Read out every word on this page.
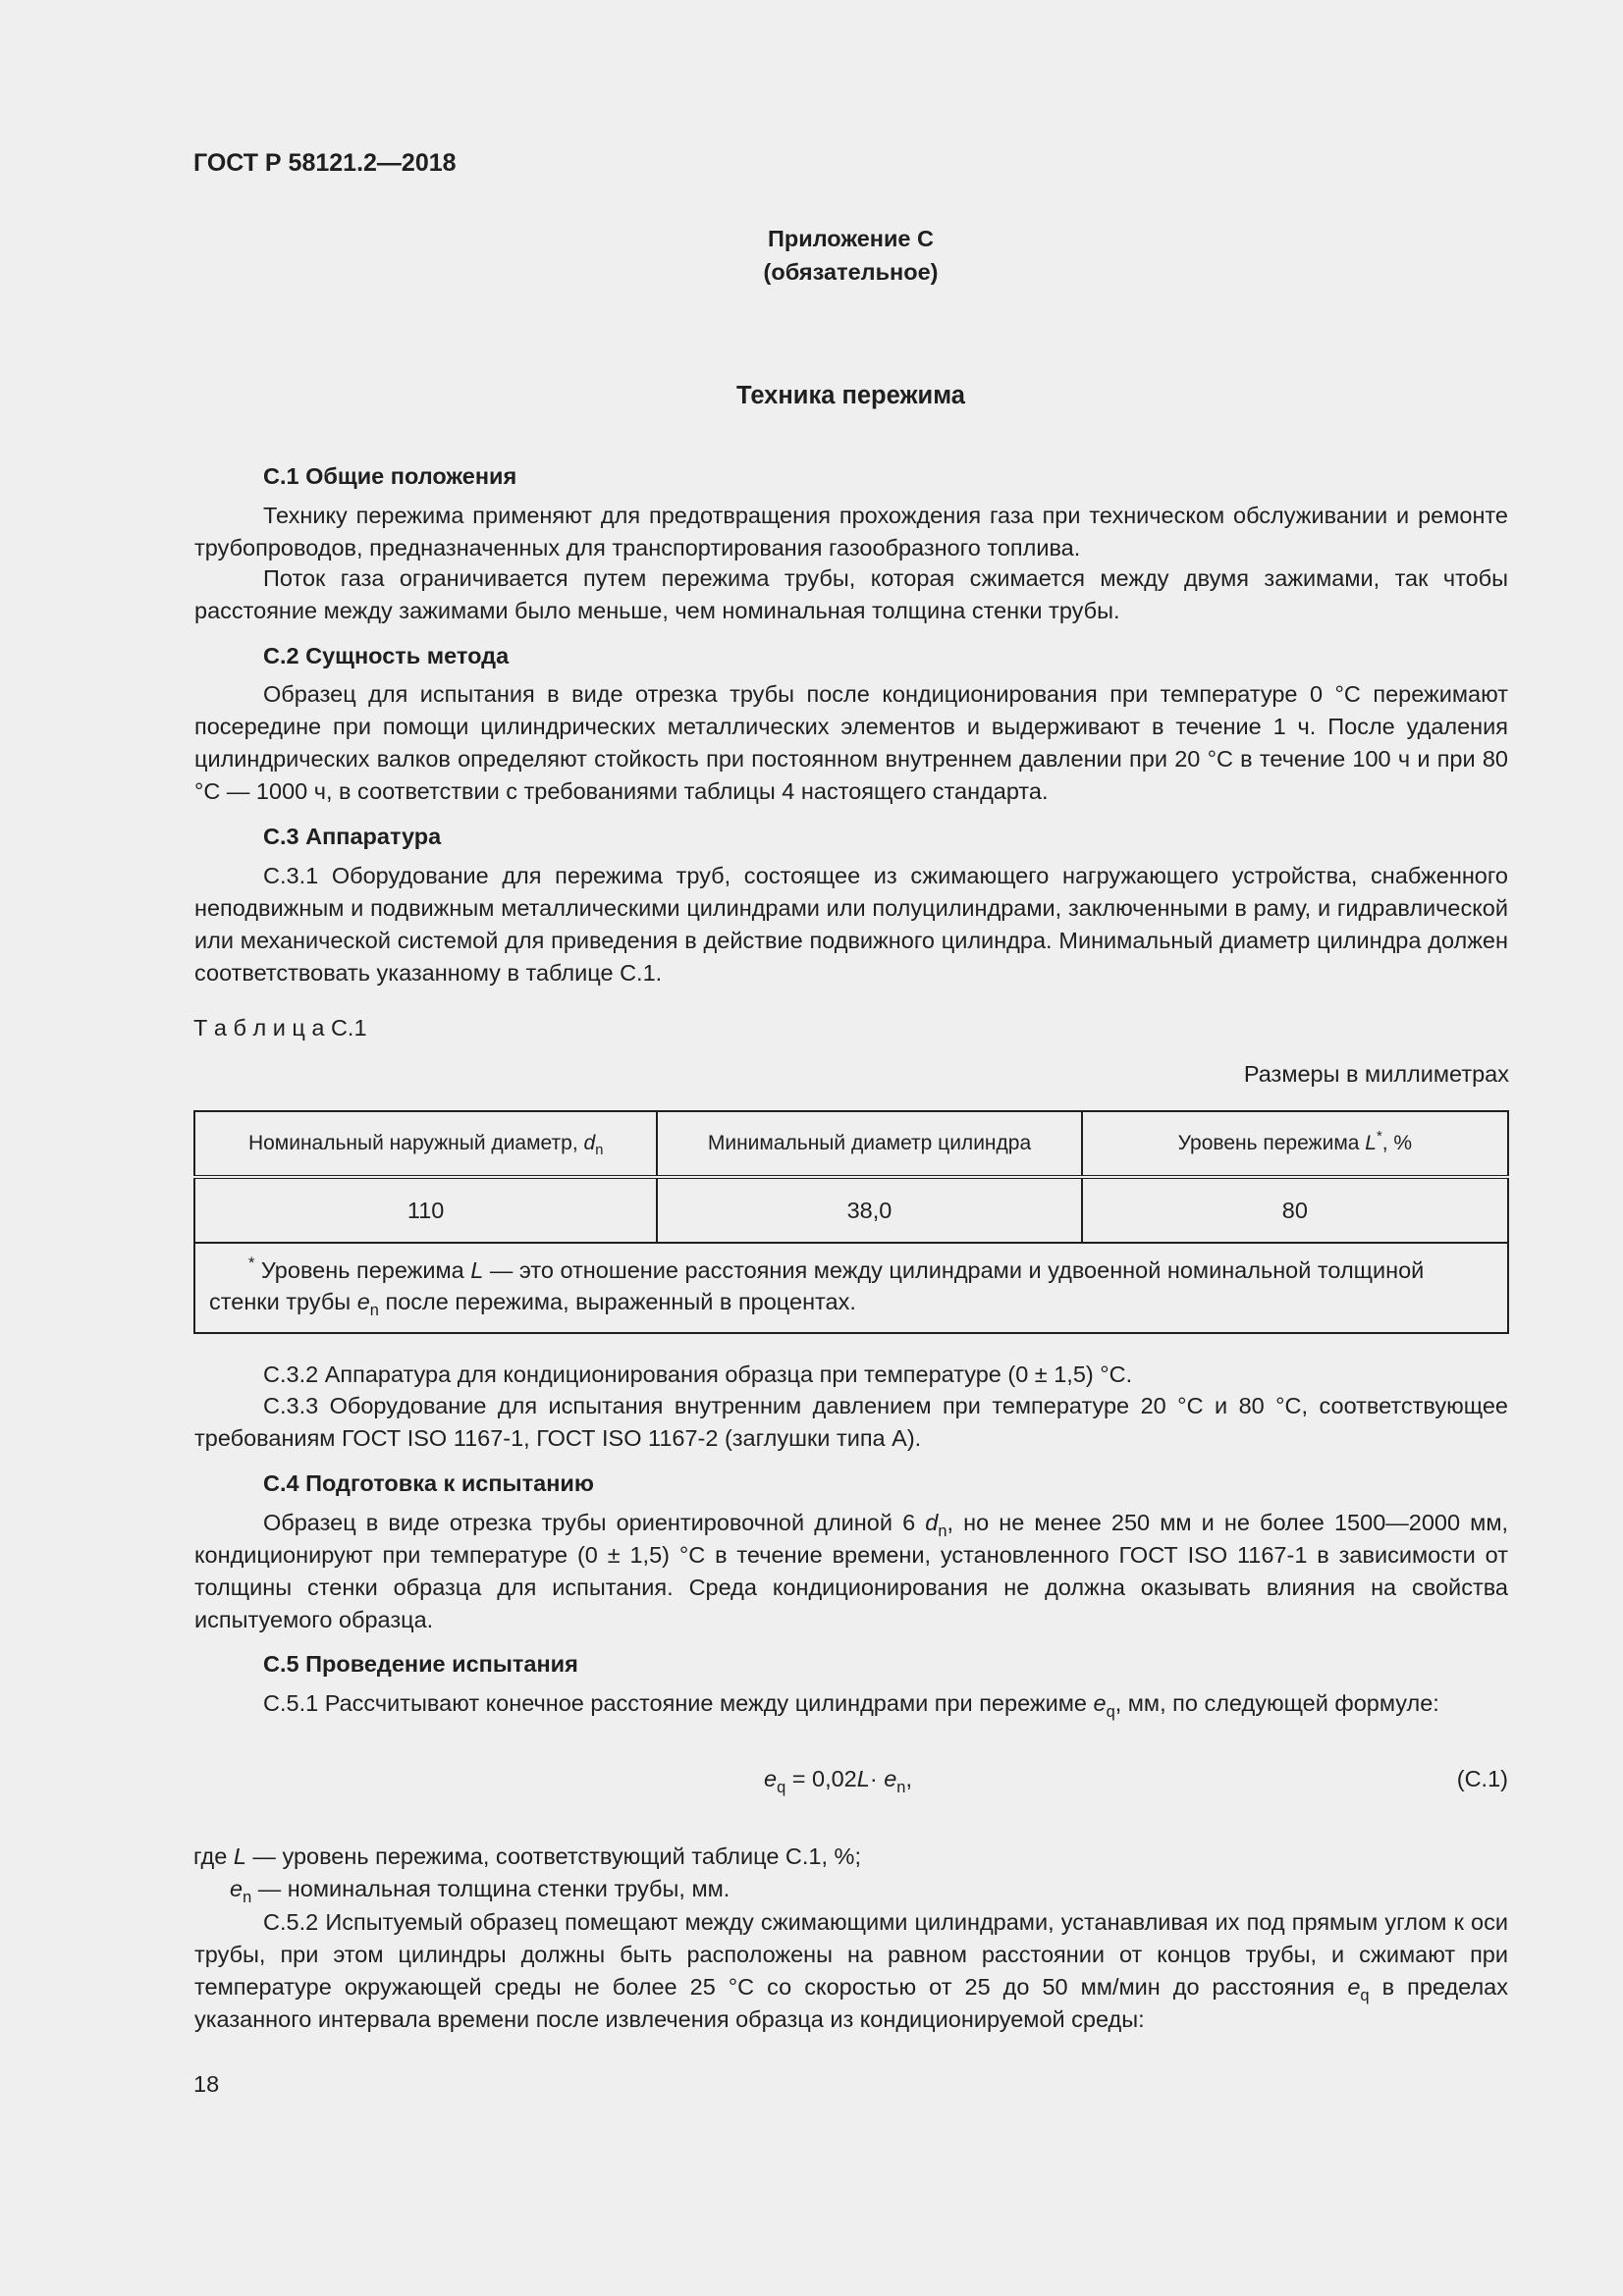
ГОСТ Р 58121.2—2018
Приложение С
(обязательное)
Техника пережима
С.1 Общие положения
Технику пережима применяют для предотвращения прохождения газа при техническом обслуживании и ремонте трубопроводов, предназначенных для транспортирования газообразного топлива.
Поток газа ограничивается путем пережима трубы, которая сжимается между двумя зажимами, так чтобы расстояние между зажимами было меньше, чем номинальная толщина стенки трубы.
С.2 Сущность метода
Образец для испытания в виде отрезка трубы после кондиционирования при температуре 0 °С пережимают посередине при помощи цилиндрических металлических элементов и выдерживают в течение 1 ч. После удаления цилиндрических валков определяют стойкость при постоянном внутреннем давлении при 20 °С в течение 100 ч и при 80 °С — 1000 ч, в соответствии с требованиями таблицы 4 настоящего стандарта.
С.3 Аппаратура
С.3.1 Оборудование для пережима труб, состоящее из сжимающего нагружающего устройства, снабженного неподвижным и подвижным металлическими цилиндрами или полуцилиндрами, заключенными в раму, и гидравлической или механической системой для приведения в действие подвижного цилиндра. Минимальный диаметр цилиндра должен соответствовать указанному в таблице С.1.
Т а б л и ц а С.1
Размеры в миллиметрах
Номинальный наружный диаметр, $d_n$	Минимальный диаметр цилиндра	Уровень пережима L*, %
110	38,0	80
* Уровень пережима L — это отношение расстояния между цилиндрами и удвоенной номинальной толщиной стенки трубы $e_n$ после пережима, выраженный в процентах.		
С.3.2 Аппаратура для кондиционирования образца при температуре (0 ± 1,5) °С.
С.3.3 Оборудование для испытания внутренним давлением при температуре 20 °С и 80 °С, соответствующее требованиям ГОСТ ISO 1167-1, ГОСТ ISO 1167-2 (заглушки типа А).
С.4 Подготовка к испытанию
Образец в виде отрезка трубы ориентировочной длиной 6 $d_n$, но не менее 250 мм и не более 1500—2000 мм, кондиционируют при температуре (0 ± 1,5) °С в течение времени, установленного ГОСТ ISO 1167-1 в зависимости от толщины стенки образца для испытания. Среда кондиционирования не должна оказывать влияния на свойства испытуемого образца.
С.5 Проведение испытания
С.5.1 Рассчитывают конечное расстояние между цилиндрами при пережиме $e_q$, мм, по следующей формуле:
$e_q = 0,02L\cdot e_n$,	(С.1)
где L — уровень пережима, соответствующий таблице С.1, %;
$e_n$ — номинальная толщина стенки трубы, мм.
С.5.2 Испытуемый образец помещают между сжимающими цилиндрами, устанавливая их под прямым углом к оси трубы, при этом цилиндры должны быть расположены на равном расстоянии от концов трубы, и сжимают при температуре окружающей среды не более 25 °С со скоростью от 25 до 50 мм/мин до расстояния $e_q$ в пределах указанного интервала времени после извлечения образца из кондиционируемой среды:
18
